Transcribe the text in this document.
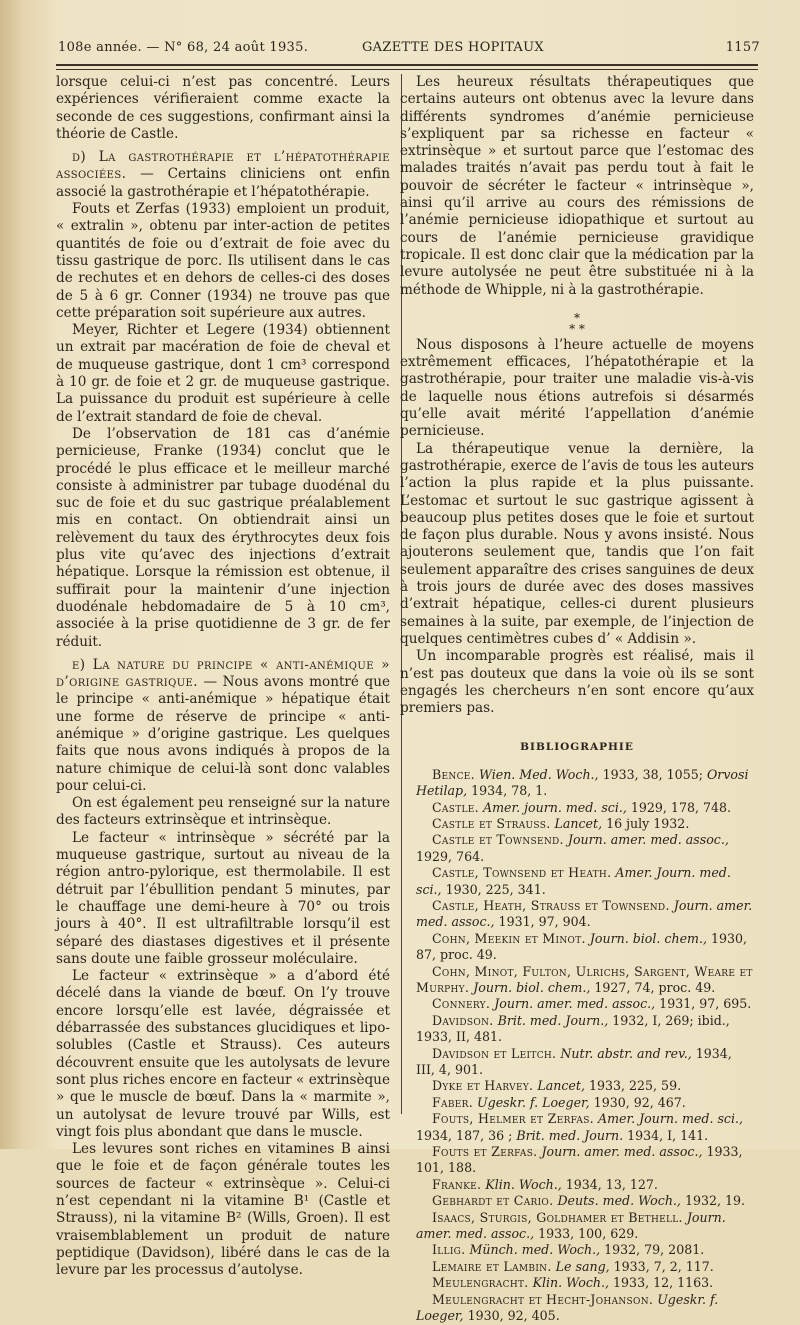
108e année. — N° 68, 24 août 1935.	GAZETTE DES HOPITAUX	1157

lorsque celui-ci n’est pas concentré. Leurs expériences vérifieraient comme exacte la seconde de ces suggestions, confirmant ainsi la théorie de Castle.

d) La gastrothérapie et l’hépatothérapie associées. — Certains cliniciens ont enfin associé la gastrothérapie et l’hépatothérapie.

Fouts et Zerfas (1933) emploient un produit, « extralin », obtenu par inter-action de petites quantités de foie ou d’extrait de foie avec du tissu gastrique de porc. Ils utilisent dans le cas de rechutes et en dehors de celles-ci des doses de 5 à 6 gr. Conner (1934) ne trouve pas que cette préparation soit supérieure aux autres.

Meyer, Richter et Legere (1934) obtiennent un extrait par macération de foie de cheval et de muqueuse gastrique, dont 1 cm³ correspond à 10 gr. de foie et 2 gr. de muqueuse gastrique. La puissance du produit est supérieure à celle de l’extrait standard de foie de cheval.

De l’observation de 181 cas d’anémie pernicieuse, Franke (1934) conclut que le procédé le plus efficace et le meilleur marché consiste à administrer par tubage duodénal du suc de foie et du suc gastrique préalablement mis en contact. On obtiendrait ainsi un relèvement du taux des érythrocytes deux fois plus vite qu’avec des injections d’extrait hépatique. Lorsque la rémission est obtenue, il suffirait pour la maintenir d’une injection duodénale hebdomadaire de 5 à 10 cm³, associée à la prise quotidienne de 3 gr. de fer réduit.

e) La nature du principe « anti-anémique » d’origine gastrique. — Nous avons montré que le principe « anti-anémique » hépatique était une forme de réserve de principe « anti-anémique » d’origine gastrique. Les quelques faits que nous avons indiqués à propos de la nature chimique de celui-là sont donc valables pour celui-ci.

On est également peu renseigné sur la nature des facteurs extrinsèque et intrinsèque.

Le facteur « intrinsèque » sécrété par la muqueuse gastrique, surtout au niveau de la région antro-pylorique, est thermolabile. Il est détruit par l’ébullition pendant 5 minutes, par le chauffage une demi-heure à 70° ou trois jours à 40°. Il est ultrafiltrable lorsqu’il est séparé des diastases digestives et il présente sans doute une faible grosseur moléculaire.

Le facteur « extrinsèque » a d’abord été décelé dans la viande de bœuf. On l’y trouve encore lorsqu’elle est lavée, dégraissée et débarrassée des substances glucidiques et lipo-solubles (Castle et Strauss). Ces auteurs découvrent ensuite que les autolysats de levure sont plus riches encore en facteur « extrinsèque » que le muscle de bœuf. Dans la « marmite », un autolysat de levure trouvé par Wills, est vingt fois plus abondant que dans le muscle.

Les levures sont riches en vitamines B ainsi que le foie et de façon générale toutes les sources de facteur « extrinsèque ». Celui-ci n’est cependant ni la vitamine B¹ (Castle et Strauss), ni la vitamine B² (Wills, Groen). Il est vraisemblablement un produit de nature peptidique (Davidson), libéré dans le cas de la levure par les processus d’autolyse.

Les heureux résultats thérapeutiques que certains auteurs ont obtenus avec la levure dans différents syndromes d’anémie pernicieuse s’expliquent par sa richesse en facteur « extrinsèque » et surtout parce que l’estomac des malades traités n’avait pas perdu tout à fait le pouvoir de sécréter le facteur « intrinsèque », ainsi qu’il arrive au cours des rémissions de l’anémie pernicieuse idiopathique et surtout au cours de l’anémie pernicieuse gravidique tropicale. Il est donc clair que la médication par la levure autolysée ne peut être substituée ni à la méthode de Whipple, ni à la gastrothérapie.

*
* *

Nous disposons à l’heure actuelle de moyens extrêmement efficaces, l’hépatothérapie et la gastrothérapie, pour traiter une maladie vis-à-vis de laquelle nous étions autrefois si désarmés qu’elle avait mérité l’appellation d’anémie pernicieuse.

La thérapeutique venue la dernière, la gastrothérapie, exerce de l’avis de tous les auteurs l’action la plus rapide et la plus puissante. L’estomac et surtout le suc gastrique agissent à beaucoup plus petites doses que le foie et surtout de façon plus durable. Nous y avons insisté. Nous ajouterons seulement que, tandis que l’on fait seulement apparaître des crises sanguines de deux à trois jours de durée avec des doses massives d’extrait hépatique, celles-ci durent plusieurs semaines à la suite, par exemple, de l’injection de quelques centimètres cubes d’ « Addisin ».

Un incomparable progrès est réalisé, mais il n’est pas douteux que dans la voie où ils se sont engagés les chercheurs n’en sont encore qu’aux premiers pas.

BIBLIOGRAPHIE

Bence. Wien. Med. Woch., 1933, 38, 1055; Orvosi Hetilap, 1934, 78, 1.

Castle. Amer. journ. med. sci., 1929, 178, 748.

Castle et Strauss. Lancet, 16 july 1932.

Castle et Townsend. Journ. amer. med. assoc., 1929, 764.

Castle, Townsend et Heath. Amer. Journ. med. sci., 1930, 225, 341.

Castle, Heath, Strauss et Townsend. Journ. amer. med. assoc., 1931, 97, 904.

Cohn, Meekin et Minot. Journ. biol. chem., 1930, 87, proc. 49.

Cohn, Minot, Fulton, Ulrichs, Sargent, Weare et Murphy. Journ. biol. chem., 1927, 74, proc. 49.

Connery. Journ. amer. med. assoc., 1931, 97, 695.

Davidson. Brit. med. Journ., 1932, I, 269; ibid., 1933, II, 481.

Davidson et Leitch. Nutr. abstr. and rev., 1934, III, 4, 901.

Dyke et Harvey. Lancet, 1933, 225, 59.

Faber. Ugeskr. f. Loeger, 1930, 92, 467.

Fouts, Helmer et Zerfas. Amer. Journ. med. sci., 1934, 187, 36 ; Brit. med. Journ. 1934, I, 141.

Fouts et Zerfas. Journ. amer. med. assoc., 1933, 101, 188.

Franke. Klin. Woch., 1934, 13, 127.

Gebhardt et Cario. Deuts. med. Woch., 1932, 19.

Isaacs, Sturgis, Goldhamer et Bethell. Journ. amer. med. assoc., 1933, 100, 629.

Illig. Münch. med. Woch., 1932, 79, 2081.

Lemaire et Lambin. Le sang, 1933, 7, 2, 117.

Meulengracht. Klin. Woch., 1933, 12, 1163.

Meulengracht et Hecht-Johanson. Ugeskr. f. Loeger, 1930, 92, 405.
